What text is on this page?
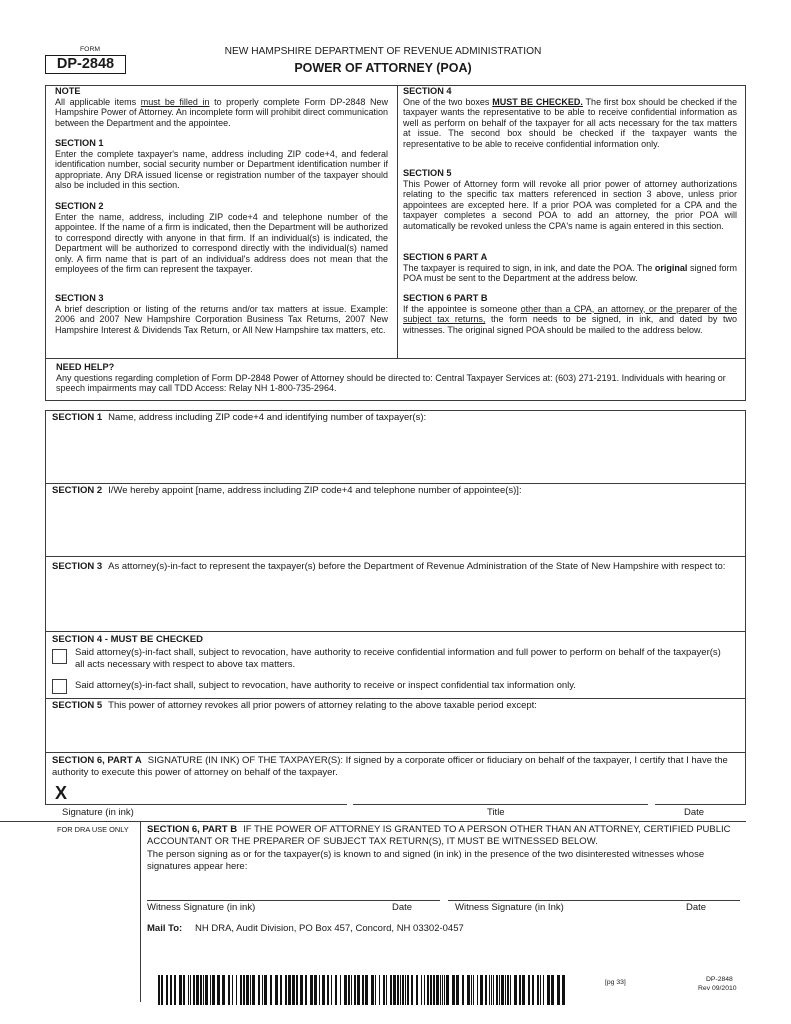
FORM
DP-2848
NEW HAMPSHIRE DEPARTMENT OF REVENUE ADMINISTRATION
POWER OF ATTORNEY (POA)
NOTE
All applicable items must be filled in to properly complete Form DP-2848 New Hampshire Power of Attorney. An incomplete form will prohibit direct communication between the Department and the appointee.
SECTION 1
Enter the complete taxpayer's name, address including ZIP code+4, and federal identification number, social security number or Department identification number if appropriate. Any DRA issued license or registration number of the taxpayer should also be included in this section.
SECTION 2
Enter the name, address, including ZIP code+4 and telephone number of the appointee. If the name of a firm is indicated, then the Department will be authorized to correspond directly with anyone in that firm. If an individual(s) is indicated, the Department will be authorized to correspond directly with the individual(s) named only. A firm name that is part of an individual's address does not mean that the employees of the firm can represent the taxpayer.
SECTION 3
A brief description or listing of the returns and/or tax matters at issue. Example: 2006 and 2007 New Hampshire Corporation Business Tax Returns, 2007 New Hampshire Interest & Dividends Tax Return, or All New Hampshire tax matters, etc.
SECTION 4
One of the two boxes MUST BE CHECKED. The first box should be checked if the taxpayer wants the representative to be able to receive confidential information as well as perform on behalf of the taxpayer for all acts necessary for the tax matters at issue. The second box should be checked if the taxpayer wants the representative to be able to receive confidential information only.
SECTION 5
This Power of Attorney form will revoke all prior power of attorney authorizations relating to the specific tax matters referenced in section 3 above, unless prior appointees are excepted here. If a prior POA was completed for a CPA and the taxpayer completes a second POA to add an attorney, the prior POA will automatically be revoked unless the CPA's name is again entered in this section.
SECTION 6 PART A
The taxpayer is required to sign, in ink, and date the POA. The original signed form POA must be sent to the Department at the address below.
SECTION 6 PART B
If the appointee is someone other than a CPA, an attorney, or the preparer of the subject tax returns, the form needs to be signed, in ink, and dated by two witnesses. The original signed POA should be mailed to the address below.
NEED HELP?
Any questions regarding completion of Form DP-2848 Power of Attorney should be directed to: Central Taxpayer Services at: (603) 271-2191. Individuals with hearing or speech impairments may call TDD Access: Relay NH 1-800-735-2964.
SECTION 1 Name, address including ZIP code+4 and identifying number of taxpayer(s):
SECTION 2 I/We hereby appoint [name, address including ZIP code+4 and telephone number of appointee(s)]:
SECTION 3 As attorney(s)-in-fact to represent the taxpayer(s) before the Department of Revenue Administration of the State of New Hampshire with respect to:
SECTION 4 - MUST BE CHECKED
Said attorney(s)-in-fact shall, subject to revocation, have authority to receive confidential information and full power to perform on behalf of the taxpayer(s) all acts necessary with respect to above tax matters.
Said attorney(s)-in-fact shall, subject to revocation, have authority to receive or inspect confidential tax information only.
SECTION 5 This power of attorney revokes all prior powers of attorney relating to the above taxable period except:
SECTION 6, PART A SIGNATURE (IN INK) OF THE TAXPAYER(S): If signed by a corporate officer or fiduciary on behalf of the taxpayer, I certify that I have the authority to execute this power of attorney on behalf of the taxpayer.
X
Signature (in ink)	Title	Date
FOR DRA USE ONLY SECTION 6, PART B IF THE POWER OF ATTORNEY IS GRANTED TO A PERSON OTHER THAN AN ATTORNEY, CERTIFIED PUBLIC ACCOUNTANT OR THE PREPARER OF SUBJECT TAX RETURN(S), IT MUST BE WITNESSED BELOW.
The person signing as or for the taxpayer(s) is known to and signed (in ink) in the presence of the two disinterested witnesses whose signatures appear here:
Witness Signature (in ink)	Date	Witness Signature (in Ink)	Date
Mail To: NH DRA, Audit Division, PO Box 457, Concord, NH 03302-0457
[pg 33]	DP-2848
Rev 09/2010
